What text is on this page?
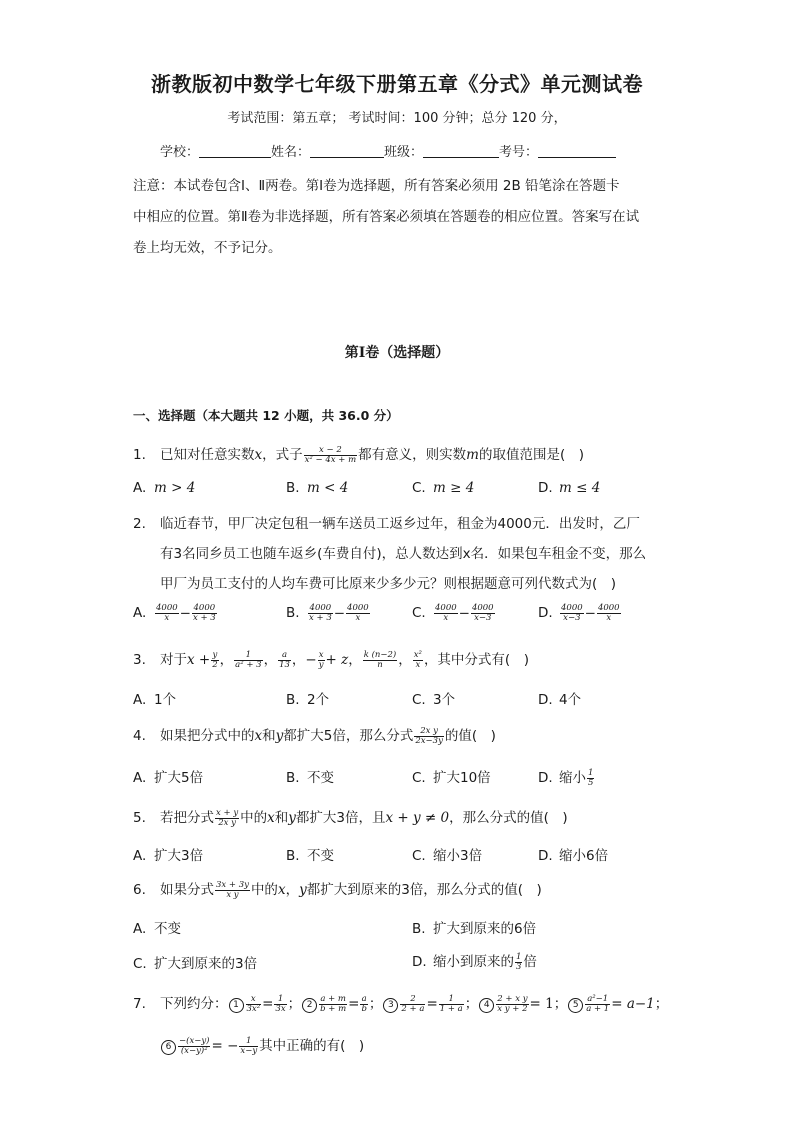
浙教版初中数学七年级下册第五章《分式》单元测试卷
考试范围：第五章； 考试时间：100 分钟；总分 120 分，
学校：	姓名：	班级：	考号：
注意：本试卷包含Ⅰ、Ⅱ两卷。第Ⅰ卷为选择题，所有答案必须用 2B 铅笔涂在答题卡
中相应的位置。第Ⅱ卷为非选择题，所有答案必须填在答题卷的相应位置。答案写在试
卷上均无效，不予记分。
第Ⅰ卷（选择题）
一、选择题（本大题共 12 小题，共 36.0 分）
1. 已知对任意实数x，式子 $\frac{x - 2}{\text{x² − 4x + m}}$ 都有意义，则实数m的取值范围是(　)
A. m > 4	B. m < 4	C. m ≥ 4	D. m ≤ 4
2. 临近春节，甲厂决定包租一辆车送员工返乡过年，租金为4000元．出发时，乙厂
有3名同乡员工也随车返乡(车费自付)，总人数达到x名．如果包车租金不变，那么
甲厂为员工支付的人均车费可比原来少多少元？则根据题意可列代数式为(　)
A. $\frac{4000}{x} - \frac{4000}{x + 3}$	B. $\frac{4000}{x + 3} - \frac{4000}{x}$	C. $\frac{4000}{x} - \frac{4000}{x-3}$	D. $\frac{4000}{x-3} - \frac{4000}{x}$
3. 对于$x + \frac{y}{2}$ ， $\frac{1}{\text{a² + 3}}$ ， $\frac{a}{13}$ ，− $\frac{x}{y} + z$， $\frac{k (n-2)}{n}$ ， $\frac{\text{x²}}{x}$ ，其中分式有(　)
A. 1个	B. 2个	C. 3个	D. 4个
4. 如果把分式中的x和y都扩大5倍，那么分式 $\frac{\text{2x y}}{2x-3y}$ 的值(　)
A. 扩大5倍	B. 不变	C. 扩大10倍	D. 缩小 $\frac{1}{5}$
5. 若把分式 $\frac{x + y}{\text{2x y}}$ 中的x和y都扩大3倍，且x + y ≠ 0，那么分式的值(　)
A. 扩大3倍	B. 不变	C. 缩小3倍	D. 缩小6倍
6. 如果分式 $\frac{3x + 3y}{\text{x y}}$ 中的x，y都扩大到原来的3倍，那么分式的值(　)
A. 不变	B. 扩大到原来的6倍
C. 扩大到原来的3倍	D. 缩小到原来的 $\frac{1}{3}$ 倍
7. 下列约分： $1 \frac{x}{\text{3x²}} = \frac{1}{3x}$ ； $2 \frac{a + m}{b + m} = \frac{a}{b}$ ； $3 \frac{2}{2 + a} = \frac{1}{1 + a}$ ； $4 \frac{\text{2 + x y}}{\text{x y + 2}} = 1$； $5 \frac{\text{a²−1}}{a + 1} = a-1$；
$6 \frac{-(x-y)}{\text{(x−y)²}}$ = − $\frac{1}{x-y}$ 其中正确的有(　)
